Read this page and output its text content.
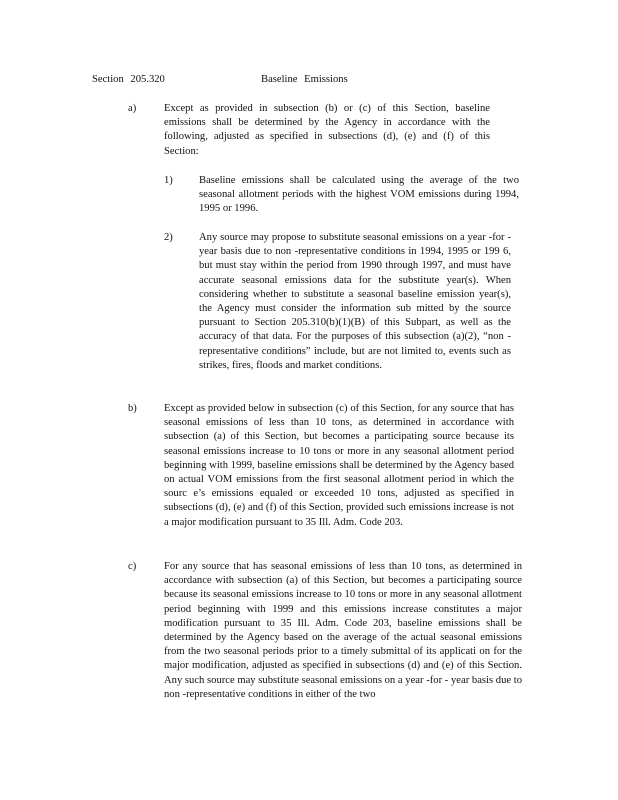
Section 205.320	Baseline Emissions
a)	Except as provided in subsection (b) or (c) of this Section, baseline emissions shall be determined by the Agency in accordance with the following, adjusted as specified in subsections (d), (e) and (f) of this Section:
1) Baseline emissions shall be calculated using the average of the two seasonal allotment periods with the highest VOM emissions during 1994, 1995 or 1996.
2) Any source may propose to substitute seasonal emissions on a year -for -year basis due to non -representative conditions in 1994, 1995 or 199 6, but must stay within the period from 1990 through 1997, and must have accurate seasonal emissions data for the substitute year(s). When considering whether to substitute a seasonal baseline emission year(s), the Agency must consider the information sub mitted by the source pursuant to Section 205.310(b)(1)(B) of this Subpart, as well as the accuracy of that data. For the purposes of this subsection (a)(2), “non - representative conditions” include, but are not limited to, events such as strikes, fires, floods and market conditions.
b)	Except as provided below in subsection (c) of this Section, for any source that has seasonal emissions of less than 10 tons, as determined in accordance with subsection (a) of this Section, but becomes a participating source because its seasonal emissions increase to 10 tons or more in any seasonal allotment period beginning with 1999, baseline emissions shall be determined by the Agency based on actual VOM emissions from the first seasonal allotment period in which the sourc e’s emissions equaled or exceeded 10 tons, adjusted as specified in subsections (d), (e) and (f) of this Section, provided such emissions increase is not a major modification pursuant to 35 Ill. Adm. Code 203.
c)	For any source that has seasonal emissions of less than 10 tons, as determined in accordance with subsection (a) of this Section, but becomes a participating source because its seasonal emissions increase to 10 tons or more in any seasonal allotment period beginning with 1999 and this emissions increase constitutes a major modification pursuant to 35 Ill. Adm. Code 203, baseline emissions shall be determined by the Agency based on the average of the actual seasonal emissions from the two seasonal periods prior to a timely submittal of its applicati on for the major modification, adjusted as specified in subsections (d) and (e) of this Section. Any such source may substitute seasonal emissions on a year -for - year basis due to non -representative conditions in either of the two
